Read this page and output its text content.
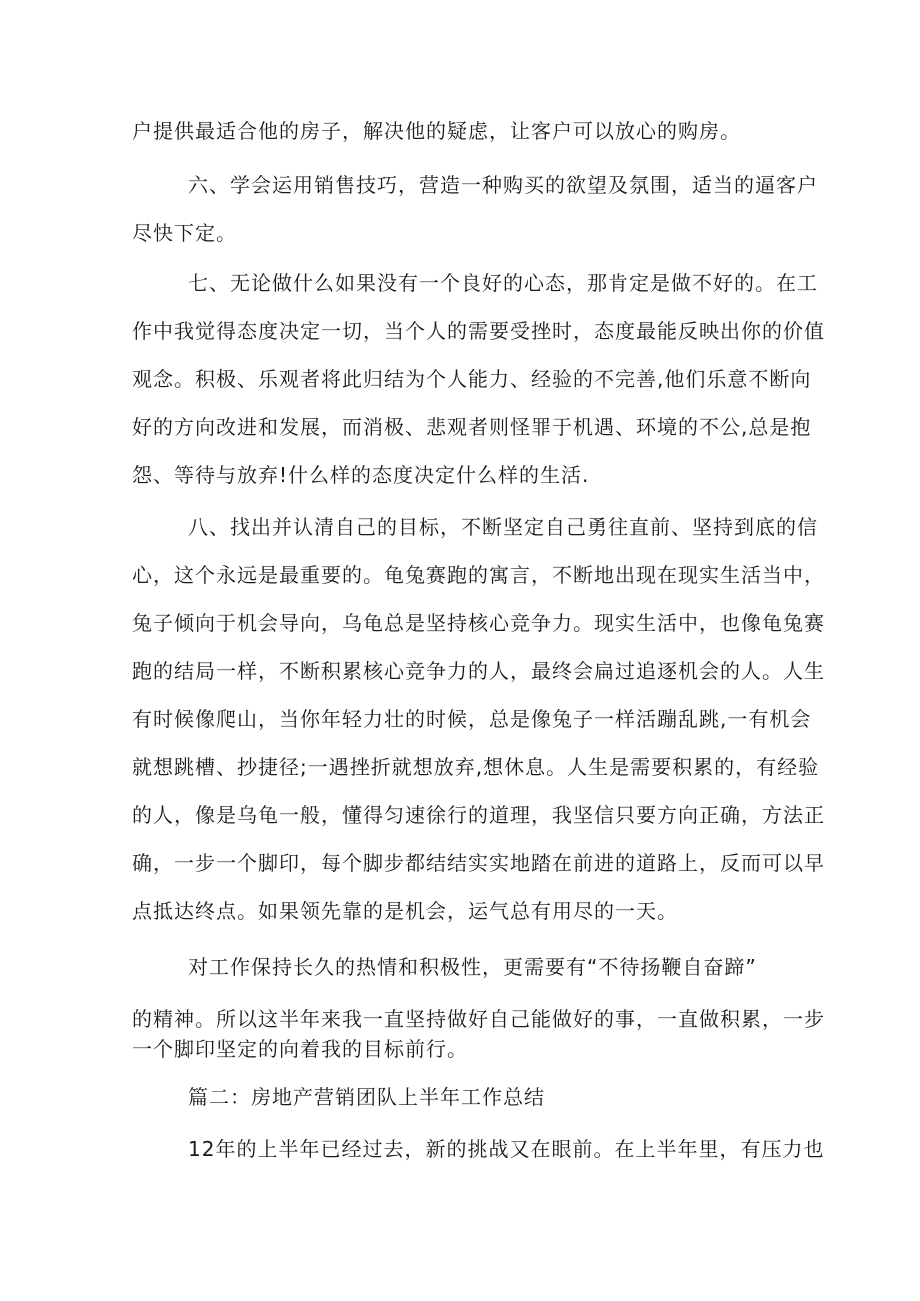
户提供最适合他的房子，解决他的疑虑，让客户可以放心的购房。

六、学会运用销售技巧，营造一种购买的欲望及氛围，适当的逼客户

尽快下定。

七、无论做什么如果没有一个良好的心态，那肯定是做不好的。在工

作中我觉得态度决定一切，当个人的需要受挫时，态度最能反映出你的价值

观念。积极、乐观者将此归结为个人能力、经验的不完善,他们乐意不断向

好的方向改进和发展，而消极、悲观者则怪罪于机遇、环境的不公,总是抱

怨、等待与放弃!什么样的态度决定什么样的生活.

八、找出并认清自己的目标，不断坚定自己勇往直前、坚持到底的信

心，这个永远是最重要的。龟兔赛跑的寓言，不断地出现在现实生活当中，

兔子倾向于机会导向，乌龟总是坚持核心竞争力。现实生活中，也像龟兔赛

跑的结局一样，不断积累核心竞争力的人，最终会扁过追逐机会的人。人生

有时候像爬山，当你年轻力壮的时候，总是像兔子一样活蹦乱跳,一有机会

就想跳槽、抄捷径;一遇挫折就想放弃,想休息。人生是需要积累的，有经验

的人，像是乌龟一般，懂得匀速徐行的道理，我坚信只要方向正确，方法正

确，一步一个脚印，每个脚步都结结实实地踏在前进的道路上，反而可以早

点抵达终点。如果领先靠的是机会，运气总有用尽的一天。

对工作保持长久的热情和积极性，更需要有“不待扬鞭自奋蹄”

的精神。所以这半年来我一直坚持做好自己能做好的事，一直做积累，一步

一个脚印坚定的向着我的目标前行。

篇二：房地产营销团队上半年工作总结

12年的上半年已经过去，新的挑战又在眼前。在上半年里，有压力也
